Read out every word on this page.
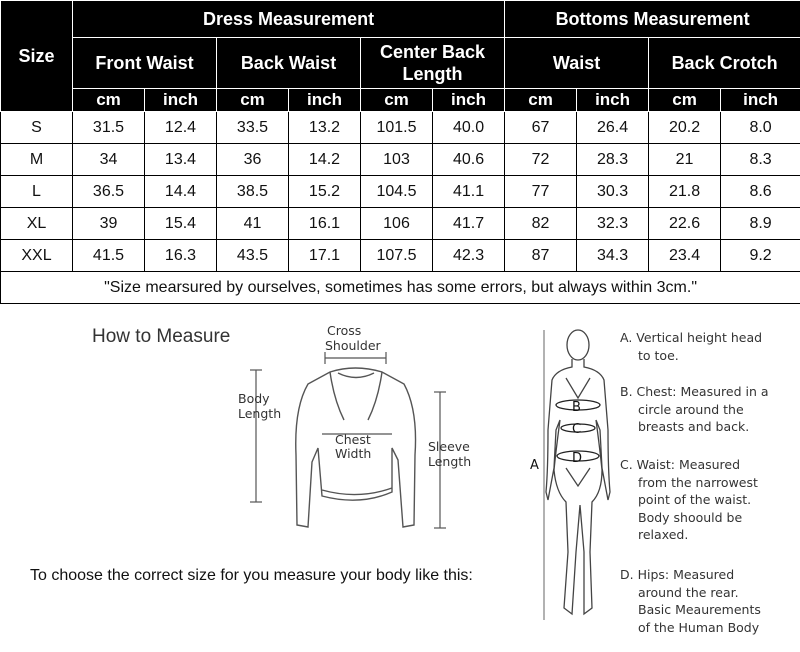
Size	Dress Measurement						Bottoms Measurement			
	Front Waist		Back Waist		Center Back Length		Waist		Back Crotch	
	cm	inch	cm	inch	cm	inch	cm	inch	cm	inch
S	31.5	12.4	33.5	13.2	101.5	40.0	67	26.4	20.2	8.0
M	34	13.4	36	14.2	103	40.6	72	28.3	21	8.3
L	36.5	14.4	38.5	15.2	104.5	41.1	77	30.3	21.8	8.6
XL	39	15.4	41	16.1	106	41.7	82	32.3	22.6	8.9
XXL	41.5	16.3	43.5	17.1	107.5	42.3	87	34.3	23.4	9.2
"Size mearsured by ourselves, sometimes has some errors, but always within 3cm."										
How to Measure
To choose the correct size for you measure your body like this:
Cross
Shoulder
Body
Length
Chest
Width	Sleeve
Length	A
B
C
D

A. Vertical height head

to toe.

B. Chest: Measured in a

circle around the

breasts and back.

C. Waist: Measured

from the narrowest

point of the waist.

Body shoould be

relaxed.

D. Hips: Measured

around the rear.

Basic Meaurements

of the Human Body
